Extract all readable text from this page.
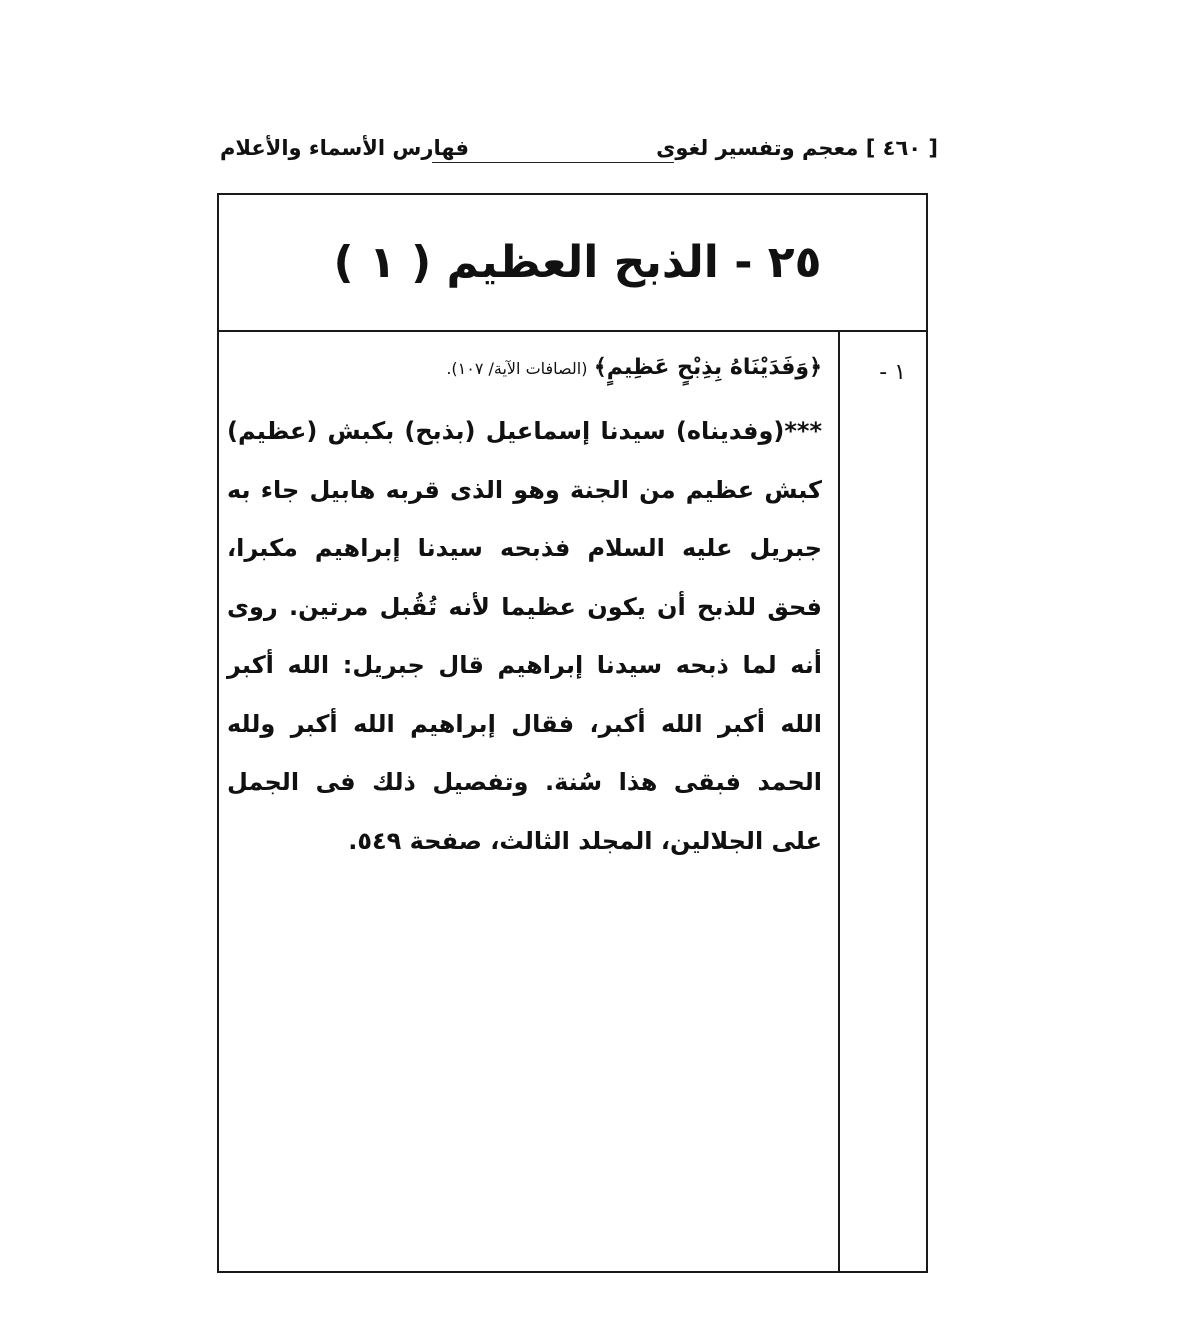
[ ٤٦٠ ] معجم وتفسير لغوى
فهارس الأسماء والأعلام
٢٥ - الذبح العظيم ( ١ )
١ -
﴿وَفَدَيْنَاهُ بِذِبْحٍ عَظِيمٍ﴾ (الصافات الآية/ ١٠٧).
***(وفديناه) سيدنا إسماعيل (بذبح) بكبش (عظيم) كبش عظيم من الجنة وهو الذى قربه هابيل جاء به جبريل عليه السلام فذبحه سيدنا إبراهيم مكبرا، فحق للذبح أن يكون عظيما لأنه تُقُبل مرتين. روى أنه لما ذبحه سيدنا إبراهيم قال جبريل: الله أكبر الله أكبر الله أكبر، فقال إبراهيم الله أكبر ولله الحمد فبقى هذا سُنة. وتفصيل ذلك فى الجمل على الجلالين، المجلد الثالث، صفحة ٥٤٩.
